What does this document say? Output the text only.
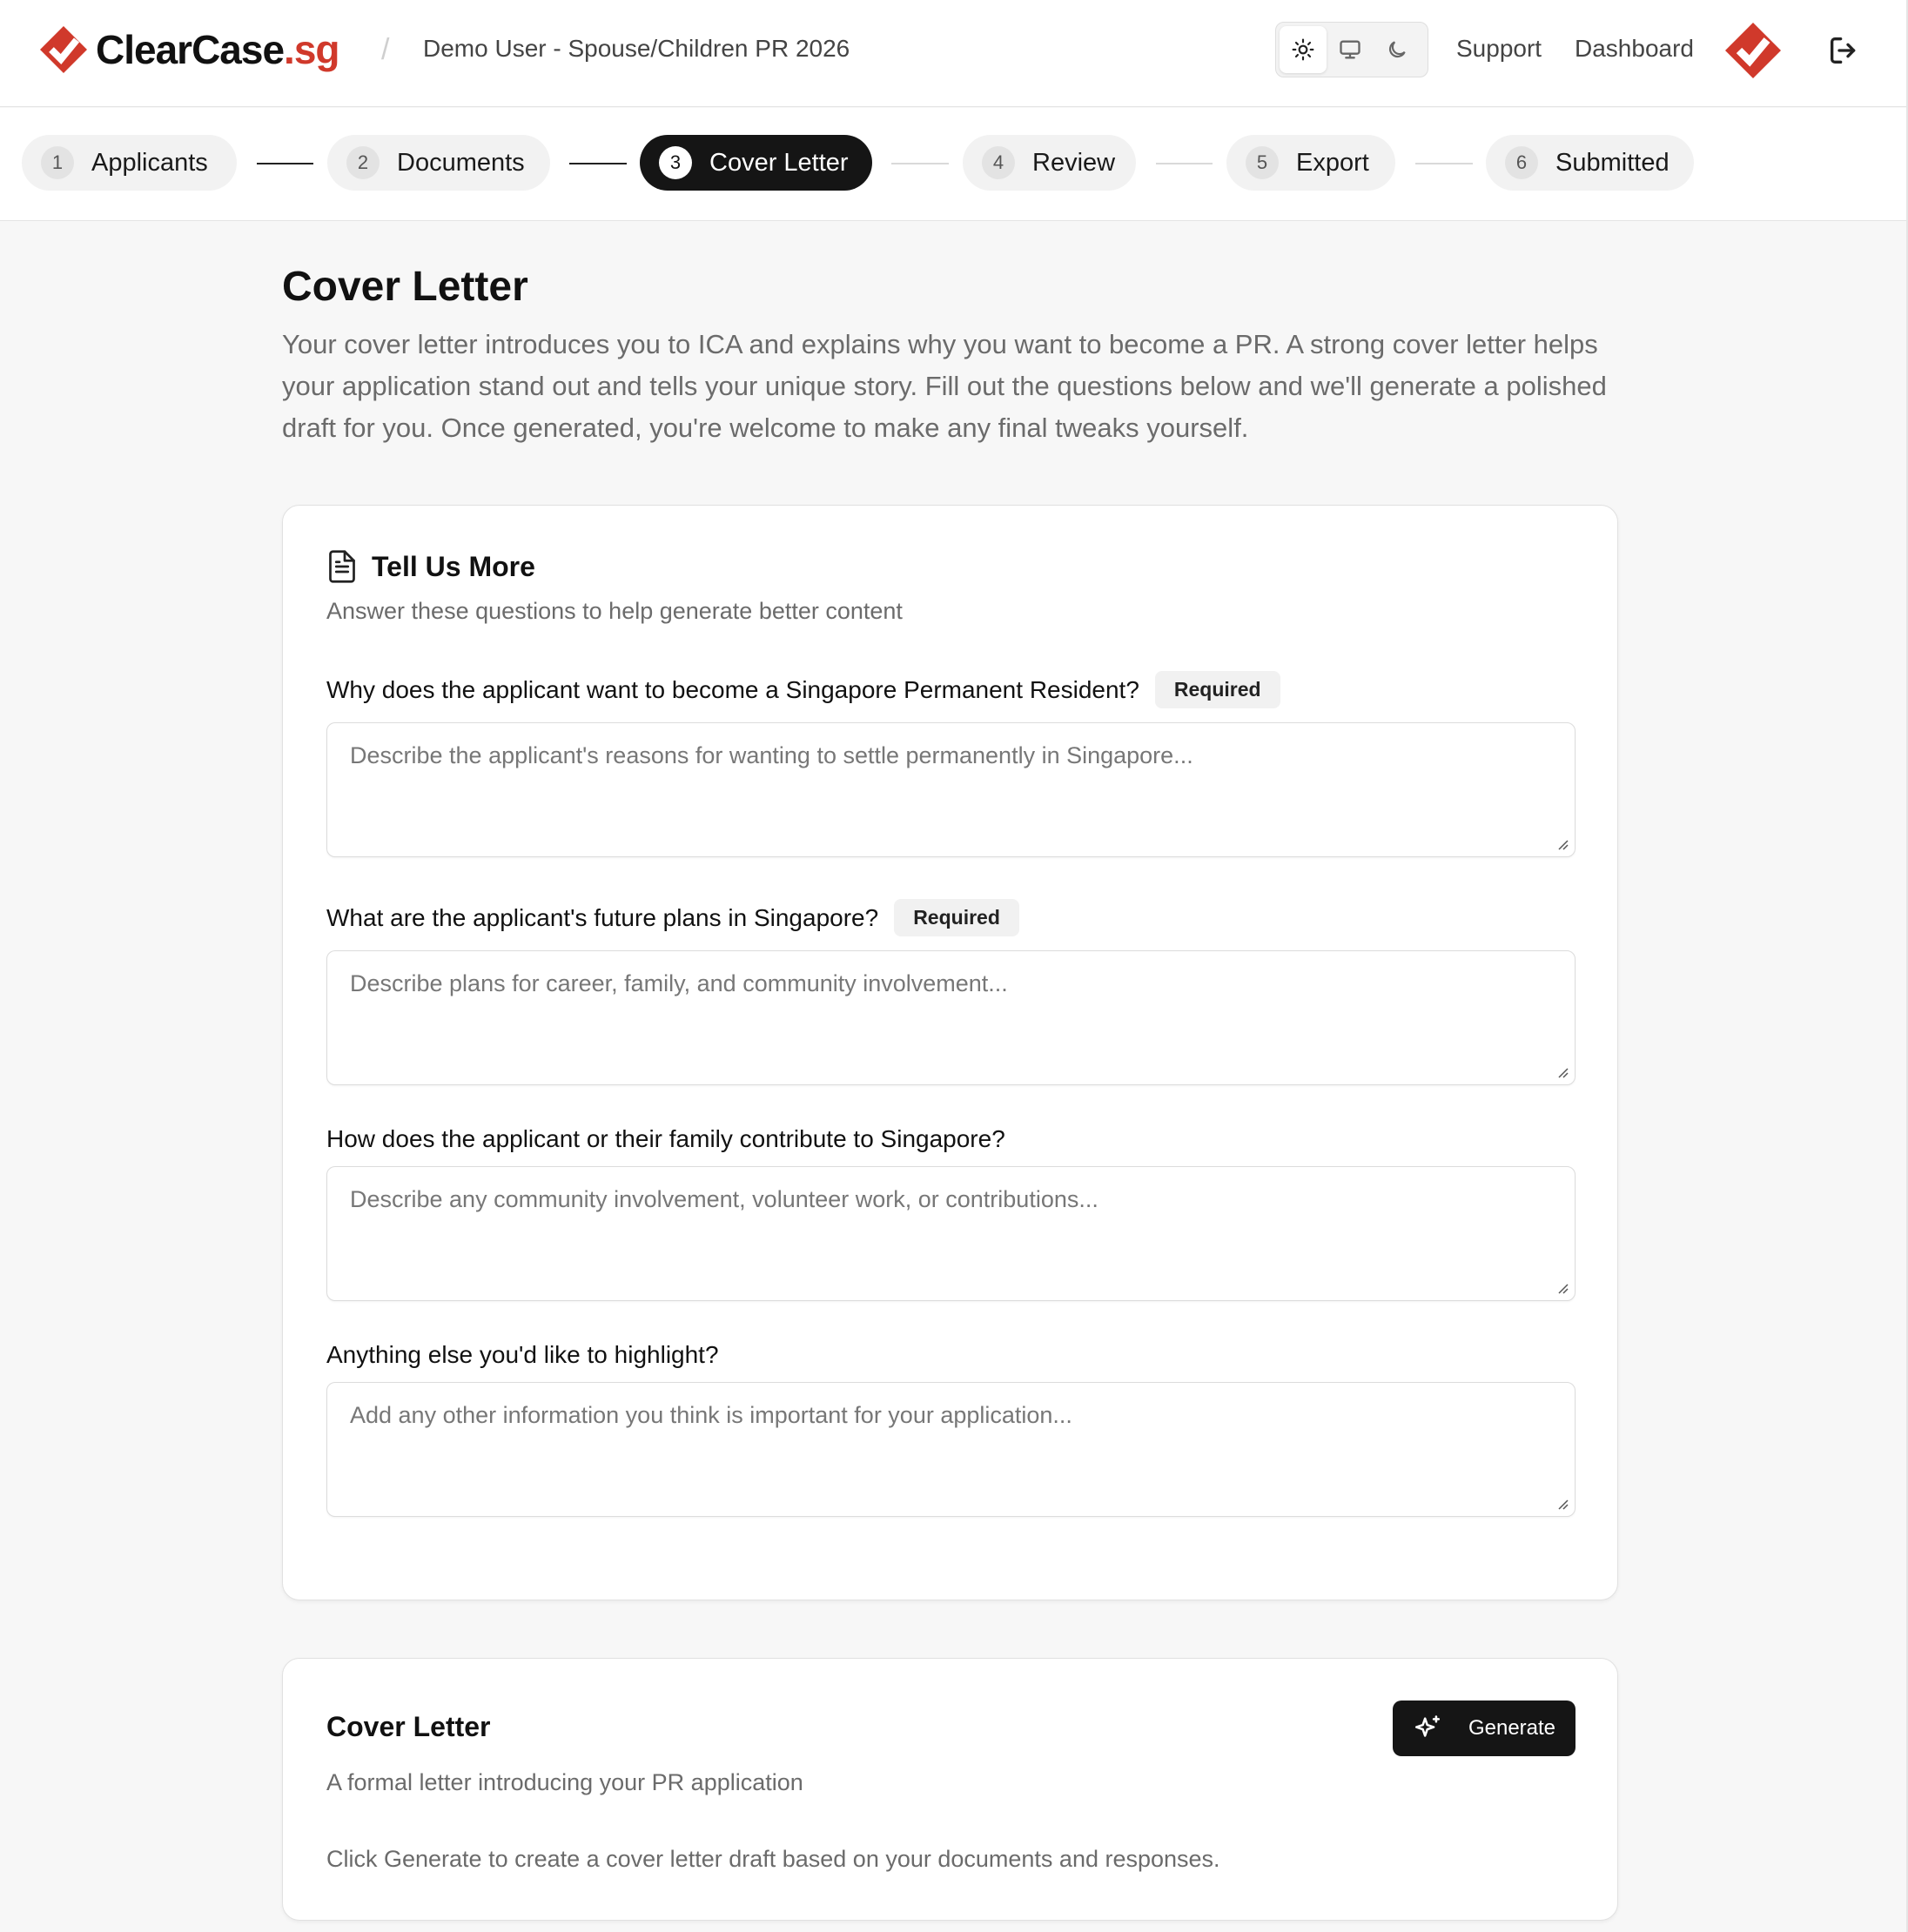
ClearCase.sg / Demo User - Spouse/Children PR 2026	Support Dashboard
1	Applicants	2	Documents	3	Cover Letter	4	Review	5	Export	6	Submitted
Cover Letter

Your cover letter introduces you to ICA and explains why you want to become a PR. A strong cover letter helps your application stand out and tells your unique story. Fill out the questions below and we'll generate a polished draft for you. Once generated, you're welcome to make any final tweaks yourself.

Tell Us More
Answer these questions to help generate better content
Why does the applicant want to become a Singapore Permanent Resident?	Required
Describe the applicant's reasons for wanting to settle permanently in Singapore...
What are the applicant's future plans in Singapore?	Required
Describe plans for career, family, and community involvement...
How does the applicant or their family contribute to Singapore?
Describe any community involvement, volunteer work, or contributions...
Anything else you'd like to highlight?
Add any other information you think is important for your application...
Cover Letter	Generate
A formal letter introducing your PR application
Click Generate to create a cover letter draft based on your documents and responses.
